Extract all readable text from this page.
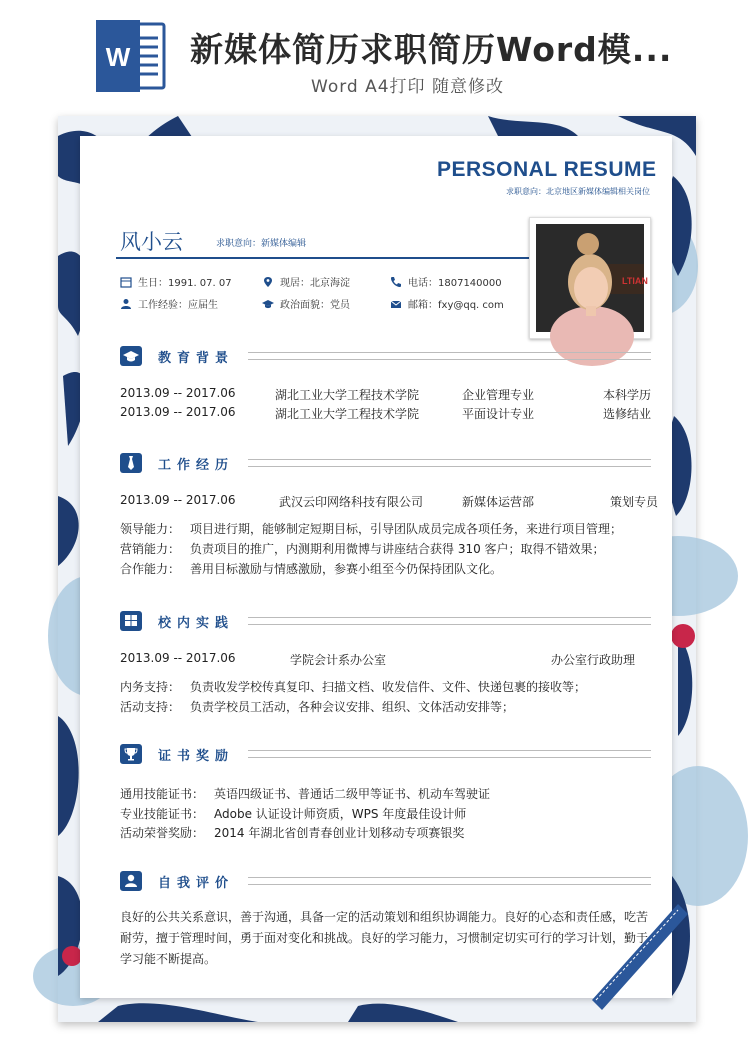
W 新媒体简历求职简历Word模...
Word A4打印 随意修改
PERSONAL RESUME
求职意向：北京地区新媒体编辑相关岗位
风小云	求职意向：新媒体编辑
LTIAN
生日：1991. 07. 07	现居：北京海淀	电话：1807140000
工作经验：应届生	政治面貌：党员	邮箱：fxy@qq. com
教育背景
2013.09 -- 2017.06	湖北工业大学工程技术学院	企业管理专业	本科学历
2013.09 -- 2017.06	湖北工业大学工程技术学院	平面设计专业	选修结业
工作经历
2013.09 -- 2017.06	武汉云印网络科技有限公司	新媒体运营部	策划专员
领导能力： 项目进行期，能够制定短期目标，引导团队成员完成各项任务，来进行项目管理；
营销能力： 负责项目的推广，内测期利用微博与讲座结合获得 310 客户；取得不错效果；
合作能力： 善用目标激励与情感激励，参赛小组至今仍保持团队文化。
校内实践
2013.09 -- 2017.06	学院会计系办公室	办公室行政助理
内务支持： 负责收发学校传真复印、扫描文档、收发信件、文件、快递包裹的接收等；
活动支持： 负责学校员工活动，各种会议安排、组织、文体活动安排等；
证书奖励
通用技能证书： 英语四级证书、普通话二级甲等证书、机动车驾驶证
专业技能证书： Adobe 认证设计师资质，WPS 年度最佳设计师
活动荣誉奖励： 2014 年湖北省创青春创业计划移动专项赛银奖
自我评价
良好的公共关系意识，善于沟通，具备一定的活动策划和组织协调能力。良好的心态和责任感，吃苦耐劳，擅于管理时间，勇于面对变化和挑战。良好的学习能力，习惯制定切实可行的学习计划，勤于学习能不断提高。
